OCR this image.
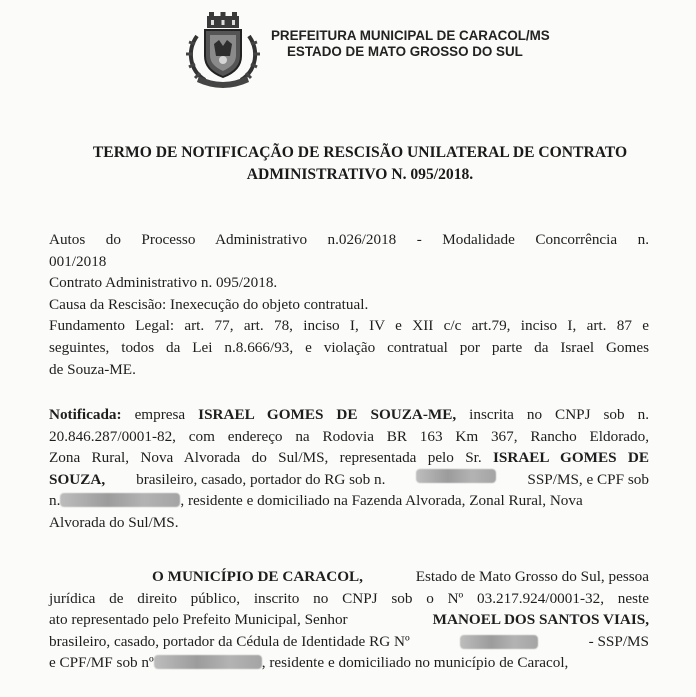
PREFEITURA MUNICIPAL DE CARACOL/MS
ESTADO DE MATO GROSSO DO SUL
TERMO DE NOTIFICAÇÃO DE RESCISÃO UNILATERAL DE CONTRATO
ADMINISTRATIVO N. 095/2018.
Autos do Processo Administrativo n.026/2018 - Modalidade Concorrência n.
001/2018
Contrato Administrativo n. 095/2018.
Causa da Rescisão: Inexecução do objeto contratual.
Fundamento Legal: art. 77, art. 78, inciso I, IV e XII c/c art.79, inciso I, art. 87 e
seguintes, todos da Lei n.8.666/93, e violação contratual por parte da Israel Gomes
de Souza-ME.
Notificada: empresa ISRAEL GOMES DE SOUZA-ME, inscrita no CNPJ sob n.
20.846.287/0001-82, com endereço na Rodovia BR 163 Km 367, Rancho Eldorado,
Zona Rural, Nova Alvorada do Sul/MS, representada pelo Sr. ISRAEL GOMES DE
SOUZA, brasileiro, casado, portador do RG sob n.	SSP/MS, e CPF sob
n.	, residente e domiciliado na Fazenda Alvorada, Zonal Rural, Nova
Alvorada do Sul/MS.
O MUNICÍPIO DE CARACOL,	Estado de Mato Grosso do Sul, pessoa
jurídica de direito público, inscrito no CNPJ sob o Nº 03.217.924/0001-32, neste
ato representado pelo Prefeito Municipal, Senhor	MANOEL DOS SANTOS VIAIS,
brasileiro, casado, portador da Cédula de Identidade RG Nº	- SSP/MS
e CPF/MF sob nº	, residente e domiciliado no município de Caracol,
